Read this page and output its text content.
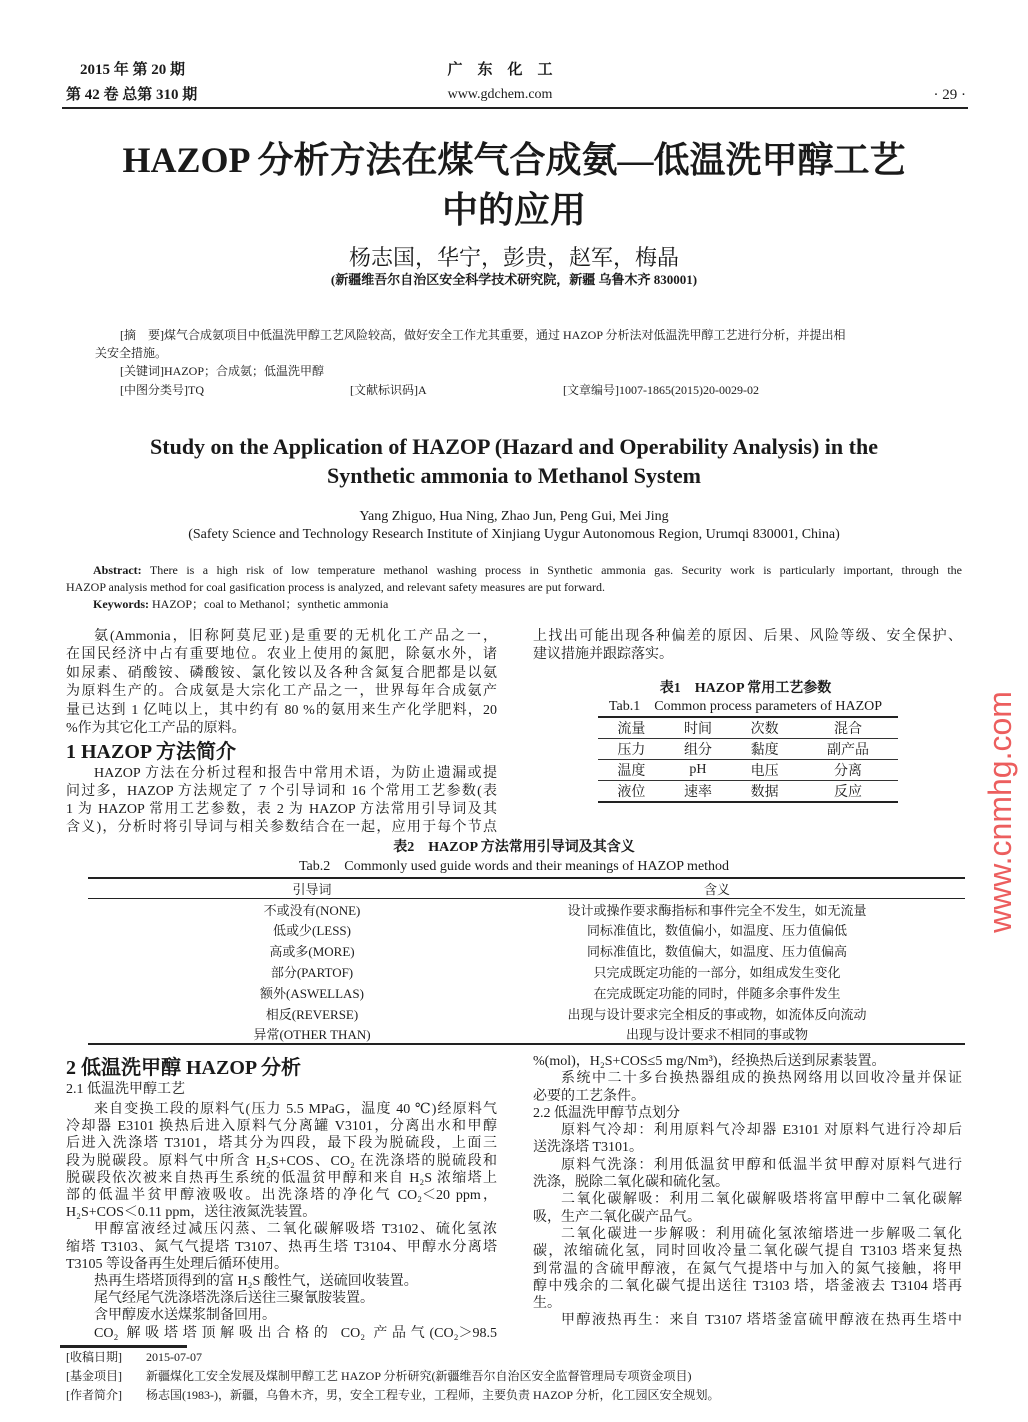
2015 年 第 20 期
第 42 卷 总第 310 期
广　东　化　工
www.gdchem.com	· 29 ·
HAZOP 分析方法在煤气合成氨—低温洗甲醇工艺
中的应用
杨志国，华宁，彭贵，赵军，梅晶
(新疆维吾尔自治区安全科学技术研究院，新疆 乌鲁木齐 830001)
[摘　要]煤气合成氨项目中低温洗甲醇工艺风险较高，做好安全工作尤其重要，通过 HAZOP 分析法对低温洗甲醇工艺进行分析，并提出相
关安全措施。
[关键词]HAZOP；合成氨；低温洗甲醇
[中图分类号]TQ	[文献标识码]A	[文章编号]1007-1865(2015)20-0029-02
Study on the Application of HAZOP (Hazard and Operability Analysis) in the
Synthetic ammonia to Methanol System
Yang Zhiguo, Hua Ning, Zhao Jun, Peng Gui, Mei Jing
(Safety Science and Technology Research Institute of Xinjiang Uygur Autonomous Region, Urumqi 830001, China)
Abstract: There is a high risk of low temperature methanol washing process in Synthetic ammonia gas. Security work is particularly important, through the
HAZOP analysis method for coal gasification process is analyzed, and relevant safety measures are put forward.
Keywords: HAZOP；coal to Methanol；synthetic ammonia
氨(Ammonia，旧称阿莫尼亚)是重要的无机化工产品之一，
在国民经济中占有重要地位。农业上使用的氮肥，除氨水外，诸
如尿素、硝酸铵、磷酸铵、氯化铵以及各种含氮复合肥都是以氨
为原料生产的。合成氨是大宗化工产品之一，世界每年合成氨产
量已达到 1 亿吨以上，其中约有 80 %的氨用来生产化学肥料，20
%作为其它化工产品的原料。
1 HAZOP 方法简介
HAZOP 方法在分析过程和报告中常用术语，为防止遗漏或提
问过多，HAZOP 方法规定了 7 个引导词和 16 个常用工艺参数(表
1 为 HAZOP 常用工艺参数，表 2 为 HAZOP 方法常用引导词及其
含义)，分析时将引导词与相关参数结合在一起，应用于每个节点
上找出可能出现各种偏差的原因、后果、风险等级、安全保护、
建议措施并跟踪落实。
表1　HAZOP 常用工艺参数
Tab.1　Common process parameters of HAZOP
流量	时间	次数	混合
压力	组分	黏度	副产品
温度	pH	电压	分离
液位	速率	数据	反应
表2　HAZOP 方法常用引导词及其含义
Tab.2　Commonly used guide words and their meanings of HAZOP method
引导词	含义	
不或没有(NONE)	设计或操作要求酶指标和事件完全不发生，如无流量	
低或少(LESS)	同标准值比，数值偏小，如温度、压力值偏低	
高或多(MORE)	同标准值比，数值偏大，如温度、压力值偏高	
部分(PARTOF)	只完成既定功能的一部分，如组成发生变化	
额外(ASWELLAS)	在完成既定功能的同时，伴随多余事件发生	
相反(REVERSE)	出现与设计要求完全相反的事或物，如流体反向流动	
异常(OTHER THAN)	出现与设计要求不相同的事或物	
2 低温洗甲醇 HAZOP 分析
2.1 低温洗甲醇工艺
来自变换工段的原料气(压力 5.5 MPaG，温度 40 ℃)经原料气
冷却器 E3101 换热后进入原料气分离罐 V3101，分离出水和甲醇
后进入洗涤塔 T3101，塔其分为四段，最下段为脱硫段，上面三
段为脱碳段。原料气中所含 H₂S+COS、CO₂ 在洗涤塔的脱硫段和
脱碳段依次被来自热再生系统的低温贫甲醇和来自 H₂S 浓缩塔上
部的低温半贫甲醇液吸收。出洗涤塔的净化气 CO₂＜20 ppm，
H₂S+COS＜0.11 ppm，送往液氮洗装置。
甲醇富液经过减压闪蒸、二氧化碳解吸塔 T3102、硫化氢浓
缩塔 T3103、氮气气提塔 T3107、热再生塔 T3104、甲醇水分离塔
T3105 等设备再生处理后循环使用。
热再生塔塔顶得到的富 H₂S 酸性气，送硫回收装置。
尾气经尾气洗涤塔洗涤后送往三聚氰胺装置。
含甲醇废水送煤浆制备回用。
CO₂ 解吸塔塔顶解吸出合格的 CO₂ 产品气(CO₂＞98.5
%(mol)，H₂S+COS≤5 mg/Nm³)，经换热后送到尿素装置。
系统中二十多台换热器组成的换热网络用以回收冷量并保证
必要的工艺条件。
2.2 低温洗甲醇节点划分
原料气冷却：利用原料气冷却器 E3101 对原料气进行冷却后
送洗涤塔 T3101。
原料气洗涤：利用低温贫甲醇和低温半贫甲醇对原料气进行
洗涤，脱除二氧化碳和硫化氢。
二氧化碳解吸：利用二氧化碳解吸塔将富甲醇中二氧化碳解
吸，生产二氧化碳产品气。
二氧化碳进一步解吸：利用硫化氢浓缩塔进一步解吸二氧化
碳，浓缩硫化氢，同时回收冷量二氧化碳气提自 T3103 塔来复热
到常温的含硫甲醇液，在氮气气提塔中与加入的氮气接触，将甲
醇中残余的二氧化碳气提出送往 T3103 塔，塔釜液去 T3104 塔再
生。
甲醇液热再生：来自 T3107 塔塔釜富硫甲醇液在热再生塔中
[收稿日期] 2015-07-07
[基金项目] 新疆煤化工安全发展及煤制甲醇工艺 HAZOP 分析研究(新疆维吾尔自治区安全监督管理局专项资金项目)
[作者简介] 杨志国(1983-)，新疆，乌鲁木齐，男，安全工程专业，工程师，主要负责 HAZOP 分析，化工园区安全规划。
www.cnmhg.com
